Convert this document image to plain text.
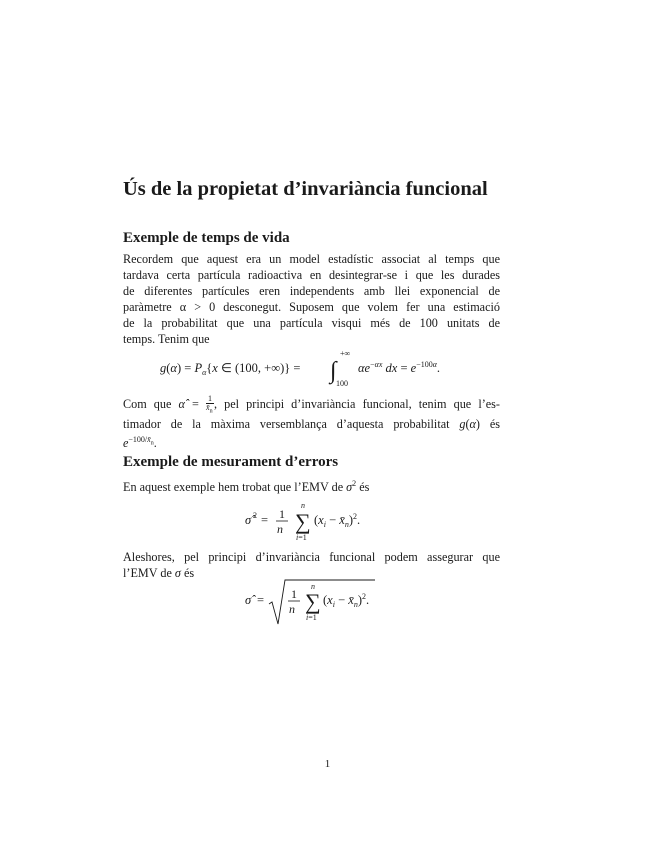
Ús de la propietat d’invariància funcional
Exemple de temps de vida
Recordem que aquest era un model estadístic associat al temps que
tardava certa partícula radioactiva en desintegrar-se i que les durades
de diferentes partícules eren independents amb llei exponencial de
paràmetre α > 0 desconegut. Suposem que volem fer una estimació
de la probabilitat que una partícula visqui més de 100 unitats de
temps. Tenim que
$g(\alpha) = P_\alpha\{x$ ∈ (100, +∞)} = ∫
+∞
100
$\alpha e^{-\alpha x}$ dx = $e^{-100\alpha}$.
Com que α̂ = $\frac{1}{x̄_n}$ , pel principi d’invariància funcional, tenim que l’es-
timador de la màxima versemblança d’aquesta probabilitat g(α) és
$e^{-100/x̄_n}$.
Exemple de mesurament d’errors
En aquest exemple hem trobat que l’EMV de $\sigma^2$ és
σ̂ 2 = 1
n ∑
n
i=1
($x_i$ − $x̄_n)^2$.
Aleshores, pel principi d’invariància funcional podem assegurar que
l’EMV de σ és
σ̂ = 1
n ∑
n
i=1
($x_i$ − $x̄_n)^2$.
1
